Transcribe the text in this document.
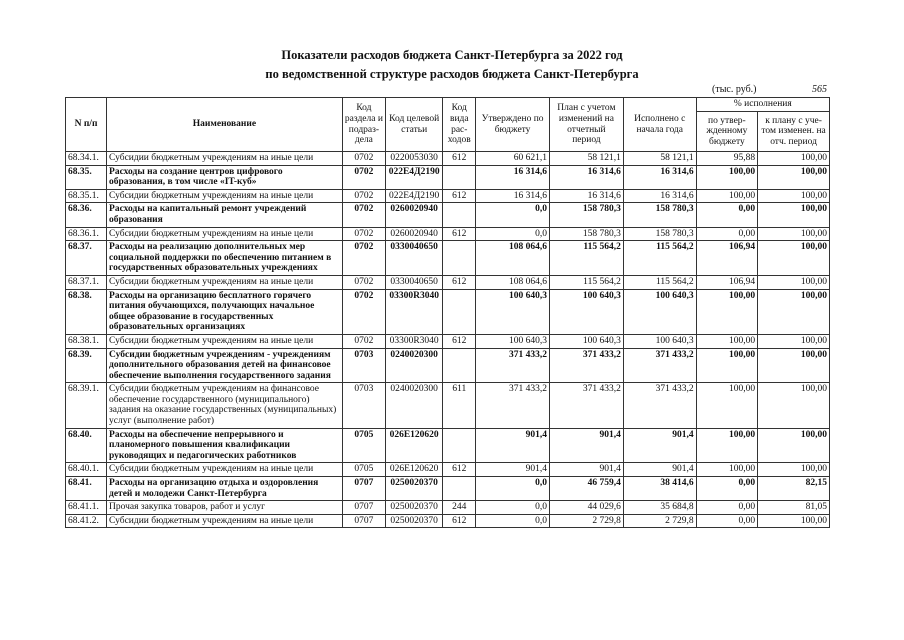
Показатели расходов бюджета Санкт-Петербурга за 2022 год
по ведомственной структуре расходов бюджета Санкт-Петербурга
(тыс. руб.)	565
N п/п	Наименование	Код раздела и подраз- дела	Код целевой статьи	Код вида рас- ходов	Утверждено по бюджету	План с учетом изменений на отчетный период	Исполнено с начала года	% исполнения	
								по утвер- жденному бюджету	к плану с уче- том изменен. на отч. период
68.34.1.	Субсидии бюджетным учреждениям на иные цели	0702	0220053030	612	60 621,1	58 121,1	58 121,1	95,88	100,00
68.35.	Расходы на создание центров цифрового образования, в том числе «IT-куб»	0702	022E4Д2190		16 314,6	16 314,6	16 314,6	100,00	100,00
68.35.1.	Субсидии бюджетным учреждениям на иные цели	0702	022E4Д2190	612	16 314,6	16 314,6	16 314,6	100,00	100,00
68.36.	Расходы на капитальный ремонт учреждений образования	0702	0260020940		0,0	158 780,3	158 780,3	0,00	100,00
68.36.1.	Субсидии бюджетным учреждениям на иные цели	0702	0260020940	612	0,0	158 780,3	158 780,3	0,00	100,00
68.37.	Расходы на реализацию дополнительных мер социальной поддержки по обеспечению питанием в государственных образовательных учреждениях	0702	0330040650		108 064,6	115 564,2	115 564,2	106,94	100,00
68.37.1.	Субсидии бюджетным учреждениям на иные цели	0702	0330040650	612	108 064,6	115 564,2	115 564,2	106,94	100,00
68.38.	Расходы на организацию бесплатного горячего питания обучающихся, получающих начальное общее образование в государственных образовательных организациях	0702	03300R3040		100 640,3	100 640,3	100 640,3	100,00	100,00
68.38.1.	Субсидии бюджетным учреждениям на иные цели	0702	03300R3040	612	100 640,3	100 640,3	100 640,3	100,00	100,00
68.39.	Субсидии бюджетным учреждениям - учреждениям дополнительного образования детей на финансовое обеспечение выполнения государственного задания	0703	0240020300		371 433,2	371 433,2	371 433,2	100,00	100,00
68.39.1.	Субсидии бюджетным учреждениям на финансовое обеспечение государственного (муниципального) задания на оказание государственных (муниципальных) услуг (выполнение работ)	0703	0240020300	611	371 433,2	371 433,2	371 433,2	100,00	100,00
68.40.	Расходы на обеспечение непрерывного и планомерного повышения квалификации руководящих и педагогических работников	0705	026E120620		901,4	901,4	901,4	100,00	100,00
68.40.1.	Субсидии бюджетным учреждениям на иные цели	0705	026E120620	612	901,4	901,4	901,4	100,00	100,00
68.41.	Расходы на организацию отдыха и оздоровления детей и молодежи Санкт-Петербурга	0707	0250020370		0,0	46 759,4	38 414,6	0,00	82,15
68.41.1.	Прочая закупка товаров, работ и услуг	0707	0250020370	244	0,0	44 029,6	35 684,8	0,00	81,05
68.41.2.	Субсидии бюджетным учреждениям на иные цели	0707	0250020370	612	0,0	2 729,8	2 729,8	0,00	100,00
